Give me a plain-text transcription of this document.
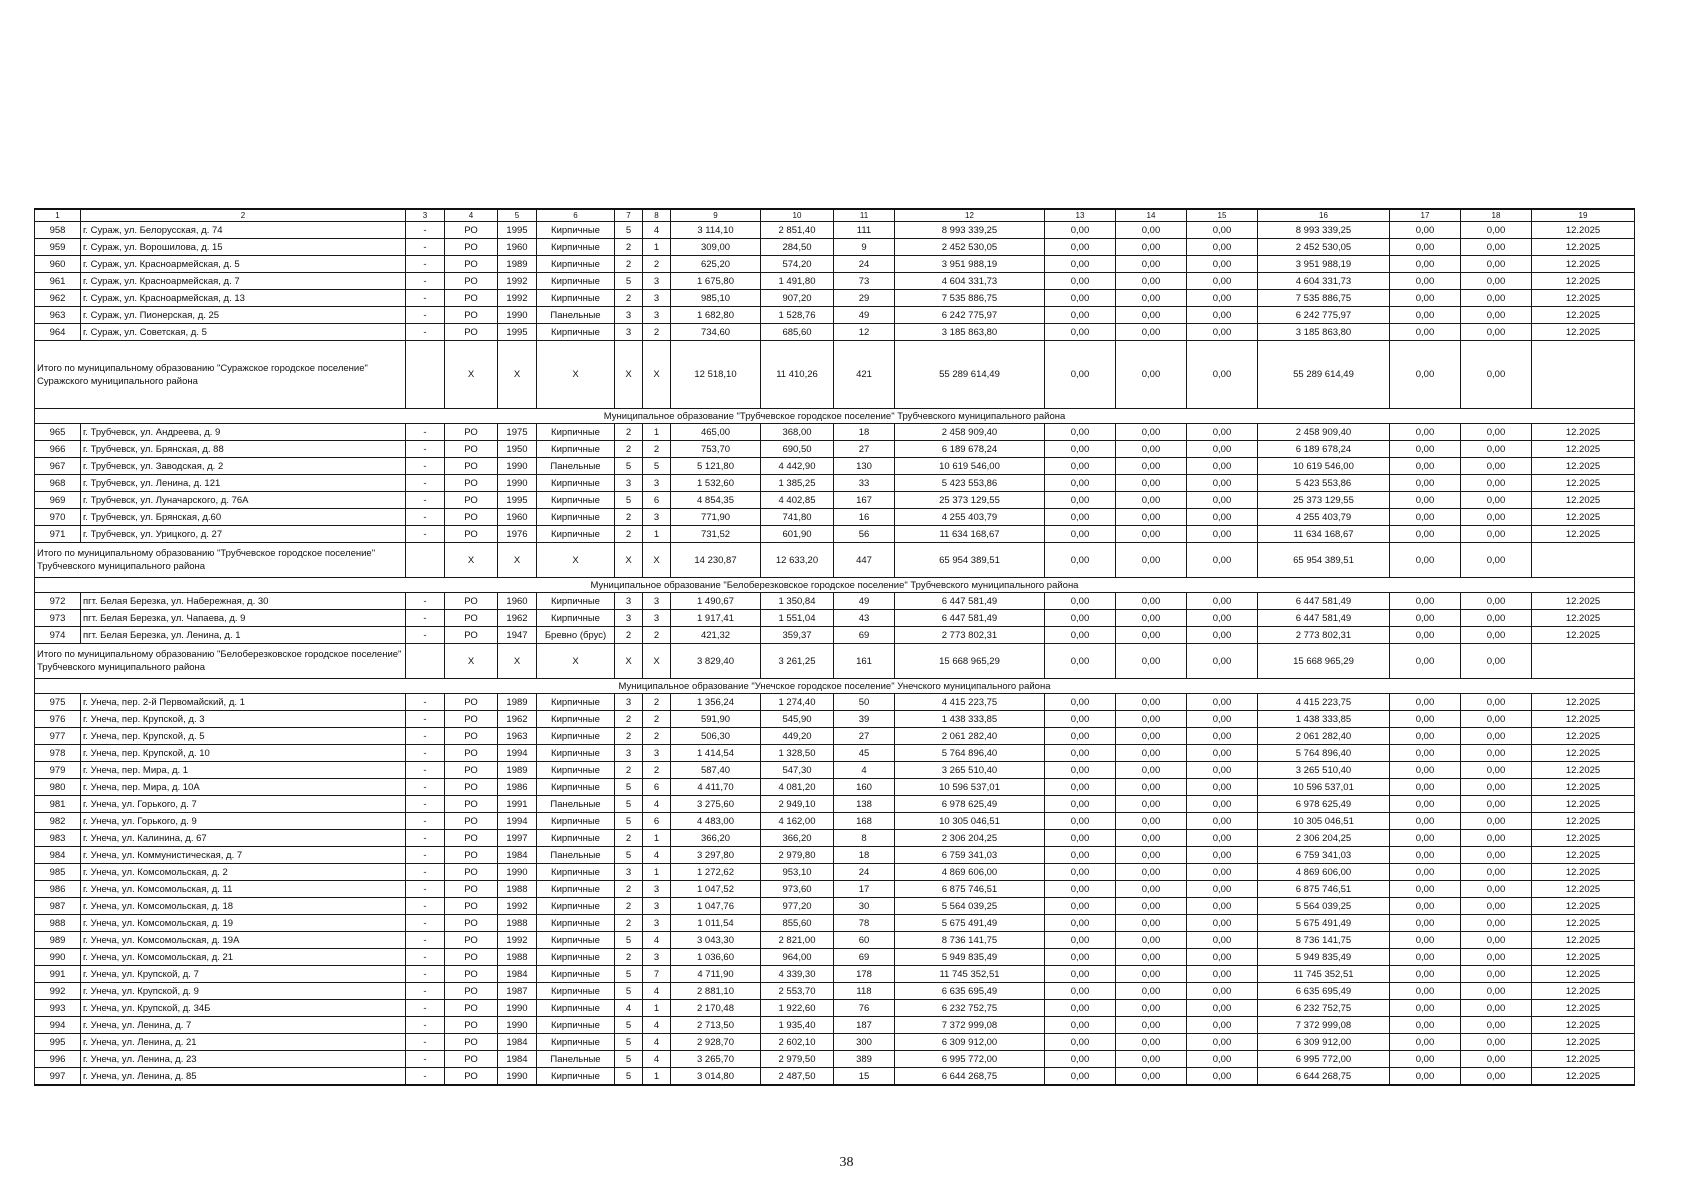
1	2	3	4	5	6	7	8	9	10	11	12	13	14	15	16	17	18	19
958	г. Сураж, ул. Белорусская, д. 74	-	РО	1995	Кирпичные	5	4	3 114,10	2 851,40	111	8 993 339,25	0,00	0,00	0,00	8 993 339,25	0,00	0,00	12.2025
959	г. Сураж, ул. Ворошилова, д. 15	-	РО	1960	Кирпичные	2	1	309,00	284,50	9	2 452 530,05	0,00	0,00	0,00	2 452 530,05	0,00	0,00	12.2025
960	г. Сураж, ул. Красноармейская, д. 5	-	РО	1989	Кирпичные	2	2	625,20	574,20	24	3 951 988,19	0,00	0,00	0,00	3 951 988,19	0,00	0,00	12.2025
961	г. Сураж, ул. Красноармейская, д. 7	-	РО	1992	Кирпичные	5	3	1 675,80	1 491,80	73	4 604 331,73	0,00	0,00	0,00	4 604 331,73	0,00	0,00	12.2025
962	г. Сураж, ул. Красноармейская, д. 13	-	РО	1992	Кирпичные	2	3	985,10	907,20	29	7 535 886,75	0,00	0,00	0,00	7 535 886,75	0,00	0,00	12.2025
963	г. Сураж, ул. Пионерская, д. 25	-	РО	1990	Панельные	3	3	1 682,80	1 528,76	49	6 242 775,97	0,00	0,00	0,00	6 242 775,97	0,00	0,00	12.2025
964	г. Сураж, ул. Советская, д. 5	-	РО	1995	Кирпичные	3	2	734,60	685,60	12	3 185 863,80	0,00	0,00	0,00	3 185 863,80	0,00	0,00	12.2025
Итого по муниципальному образованию "Суражское городское поселение" Суражского муниципального района			X	X	X	X	X	12 518,10	11 410,26	421	55 289 614,49	0,00	0,00	0,00	55 289 614,49	0,00	0,00	
Муниципальное образование "Трубчевское городское поселение" Трубчевского муниципального района																		
965	г. Трубчевск, ул. Андреева, д. 9	-	РО	1975	Кирпичные	2	1	465,00	368,00	18	2 458 909,40	0,00	0,00	0,00	2 458 909,40	0,00	0,00	12.2025
966	г. Трубчевск, ул. Брянская, д. 88	-	РО	1950	Кирпичные	2	2	753,70	690,50	27	6 189 678,24	0,00	0,00	0,00	6 189 678,24	0,00	0,00	12.2025
967	г. Трубчевск, ул. Заводская, д. 2	-	РО	1990	Панельные	5	5	5 121,80	4 442,90	130	10 619 546,00	0,00	0,00	0,00	10 619 546,00	0,00	0,00	12.2025
968	г. Трубчевск, ул. Ленина, д. 121	-	РО	1990	Кирпичные	3	3	1 532,60	1 385,25	33	5 423 553,86	0,00	0,00	0,00	5 423 553,86	0,00	0,00	12.2025
969	г. Трубчевск, ул. Луначарского, д. 76А	-	РО	1995	Кирпичные	5	6	4 854,35	4 402,85	167	25 373 129,55	0,00	0,00	0,00	25 373 129,55	0,00	0,00	12.2025
970	г. Трубчевск, ул. Брянская, д.60	-	РО	1960	Кирпичные	2	3	771,90	741,80	16	4 255 403,79	0,00	0,00	0,00	4 255 403,79	0,00	0,00	12.2025
971	г. Трубчевск, ул. Урицкого, д. 27	-	РО	1976	Кирпичные	2	1	731,52	601,90	56	11 634 168,67	0,00	0,00	0,00	11 634 168,67	0,00	0,00	12.2025
Итого по муниципальному образованию "Трубчевское городское поселение" Трубчевского муниципального района			X	X	X	X	X	14 230,87	12 633,20	447	65 954 389,51	0,00	0,00	0,00	65 954 389,51	0,00	0,00	
Муниципальное образование "Белоберезковское городское поселение" Трубчевского муниципального района																		
972	пгт. Белая Березка, ул. Набережная, д. 30	-	РО	1960	Кирпичные	3	3	1 490,67	1 350,84	49	6 447 581,49	0,00	0,00	0,00	6 447 581,49	0,00	0,00	12.2025
973	пгт. Белая Березка, ул. Чапаева, д. 9	-	РО	1962	Кирпичные	3	3	1 917,41	1 551,04	43	6 447 581,49	0,00	0,00	0,00	6 447 581,49	0,00	0,00	12.2025
974	пгт. Белая Березка, ул. Ленина, д. 1	-	РО	1947	Бревно (брус)	2	2	421,32	359,37	69	2 773 802,31	0,00	0,00	0,00	2 773 802,31	0,00	0,00	12.2025
Итого по муниципальному образованию "Белоберезковское городское поселение" Трубчевского муниципального района			X	X	X	X	X	3 829,40	3 261,25	161	15 668 965,29	0,00	0,00	0,00	15 668 965,29	0,00	0,00	
Муниципальное образование "Унечское городское поселение" Унечского муниципального района																		
975	г. Унеча, пер. 2-й Первомайский, д. 1	-	РО	1989	Кирпичные	3	2	1 356,24	1 274,40	50	4 415 223,75	0,00	0,00	0,00	4 415 223,75	0,00	0,00	12.2025
976	г. Унеча, пер. Крупской, д. 3	-	РО	1962	Кирпичные	2	2	591,90	545,90	39	1 438 333,85	0,00	0,00	0,00	1 438 333,85	0,00	0,00	12.2025
977	г. Унеча, пер. Крупской, д. 5	-	РО	1963	Кирпичные	2	2	506,30	449,20	27	2 061 282,40	0,00	0,00	0,00	2 061 282,40	0,00	0,00	12.2025
978	г. Унеча, пер. Крупской, д. 10	-	РО	1994	Кирпичные	3	3	1 414,54	1 328,50	45	5 764 896,40	0,00	0,00	0,00	5 764 896,40	0,00	0,00	12.2025
979	г. Унеча, пер. Мира, д. 1	-	РО	1989	Кирпичные	2	2	587,40	547,30	4	3 265 510,40	0,00	0,00	0,00	3 265 510,40	0,00	0,00	12.2025
980	г. Унеча, пер. Мира, д. 10А	-	РО	1986	Кирпичные	5	6	4 411,70	4 081,20	160	10 596 537,01	0,00	0,00	0,00	10 596 537,01	0,00	0,00	12.2025
981	г. Унеча, ул. Горького, д. 7	-	РО	1991	Панельные	5	4	3 275,60	2 949,10	138	6 978 625,49	0,00	0,00	0,00	6 978 625,49	0,00	0,00	12.2025
982	г. Унеча, ул. Горького, д. 9	-	РО	1994	Кирпичные	5	6	4 483,00	4 162,00	168	10 305 046,51	0,00	0,00	0,00	10 305 046,51	0,00	0,00	12.2025
983	г. Унеча, ул. Калинина, д. 67	-	РО	1997	Кирпичные	2	1	366,20	366,20	8	2 306 204,25	0,00	0,00	0,00	2 306 204,25	0,00	0,00	12.2025
984	г. Унеча, ул. Коммунистическая, д. 7	-	РО	1984	Панельные	5	4	3 297,80	2 979,80	18	6 759 341,03	0,00	0,00	0,00	6 759 341,03	0,00	0,00	12.2025
985	г. Унеча, ул. Комсомольская, д. 2	-	РО	1990	Кирпичные	3	1	1 272,62	953,10	24	4 869 606,00	0,00	0,00	0,00	4 869 606,00	0,00	0,00	12.2025
986	г. Унеча, ул. Комсомольская, д. 11	-	РО	1988	Кирпичные	2	3	1 047,52	973,60	17	6 875 746,51	0,00	0,00	0,00	6 875 746,51	0,00	0,00	12.2025
987	г. Унеча, ул. Комсомольская, д. 18	-	РО	1992	Кирпичные	2	3	1 047,76	977,20	30	5 564 039,25	0,00	0,00	0,00	5 564 039,25	0,00	0,00	12.2025
988	г. Унеча, ул. Комсомольская, д. 19	-	РО	1988	Кирпичные	2	3	1 011,54	855,60	78	5 675 491,49	0,00	0,00	0,00	5 675 491,49	0,00	0,00	12.2025
989	г. Унеча, ул. Комсомольская, д. 19А	-	РО	1992	Кирпичные	5	4	3 043,30	2 821,00	60	8 736 141,75	0,00	0,00	0,00	8 736 141,75	0,00	0,00	12.2025
990	г. Унеча, ул. Комсомольская, д. 21	-	РО	1988	Кирпичные	2	3	1 036,60	964,00	69	5 949 835,49	0,00	0,00	0,00	5 949 835,49	0,00	0,00	12.2025
991	г. Унеча, ул. Крупской, д. 7	-	РО	1984	Кирпичные	5	7	4 711,90	4 339,30	178	11 745 352,51	0,00	0,00	0,00	11 745 352,51	0,00	0,00	12.2025
992	г. Унеча, ул. Крупской, д. 9	-	РО	1987	Кирпичные	5	4	2 881,10	2 553,70	118	6 635 695,49	0,00	0,00	0,00	6 635 695,49	0,00	0,00	12.2025
993	г. Унеча, ул. Крупской, д. 34Б	-	РО	1990	Кирпичные	4	1	2 170,48	1 922,60	76	6 232 752,75	0,00	0,00	0,00	6 232 752,75	0,00	0,00	12.2025
994	г. Унеча, ул. Ленина, д. 7	-	РО	1990	Кирпичные	5	4	2 713,50	1 935,40	187	7 372 999,08	0,00	0,00	0,00	7 372 999,08	0,00	0,00	12.2025
995	г. Унеча, ул. Ленина, д. 21	-	РО	1984	Кирпичные	5	4	2 928,70	2 602,10	300	6 309 912,00	0,00	0,00	0,00	6 309 912,00	0,00	0,00	12.2025
996	г. Унеча, ул. Ленина, д. 23	-	РО	1984	Панельные	5	4	3 265,70	2 979,50	389	6 995 772,00	0,00	0,00	0,00	6 995 772,00	0,00	0,00	12.2025
997	г. Унеча, ул. Ленина, д. 85	-	РО	1990	Кирпичные	5	1	3 014,80	2 487,50	15	6 644 268,75	0,00	0,00	0,00	6 644 268,75	0,00	0,00	12.2025
38
